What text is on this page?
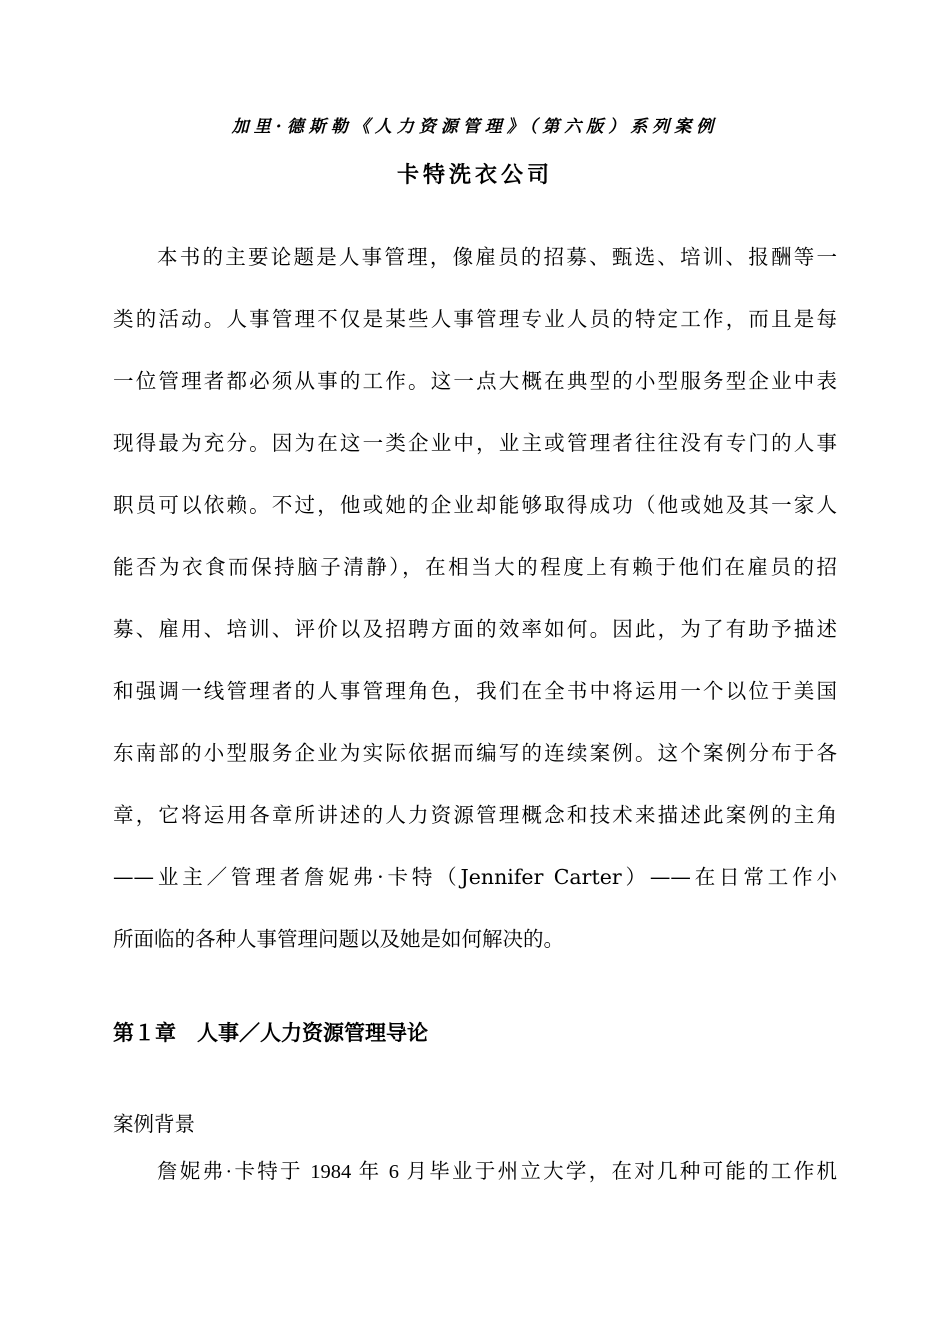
加里·德斯勒《人力资源管理》（第六版）系列案例
卡特洗衣公司
本书的主要论题是人事管理，像雇员的招募、甄选、培训、报酬等一
类的活动。人事管理不仅是某些人事管理专业人员的特定工作，而且是每
一位管理者都必须从事的工作。这一点大概在典型的小型服务型企业中表
现得最为充分。因为在这一类企业中，业主或管理者往往没有专门的人事
职员可以依赖。不过，他或她的企业却能够取得成功（他或她及其一家人
能否为衣食而保持脑子清静），在相当大的程度上有赖于他们在雇员的招
募、雇用、培训、评价以及招聘方面的效率如何。因此，为了有助予描述
和强调一线管理者的人事管理角色，我们在全书中将运用一个以位于美国
东南部的小型服务企业为实际依据而编写的连续案例。这个案例分布于各
章，它将运用各章所讲述的人力资源管理概念和技术来描述此案例的主角
——业主／管理者詹妮弗·卡特（Jennifer Carter）——在日常工作小
所面临的各种人事管理问题以及她是如何解决的。
第１章　人事／人力资源管理导论
案例背景
詹妮弗·卡特于 1984 年 6 月毕业于州立大学，在对几种可能的工作机
